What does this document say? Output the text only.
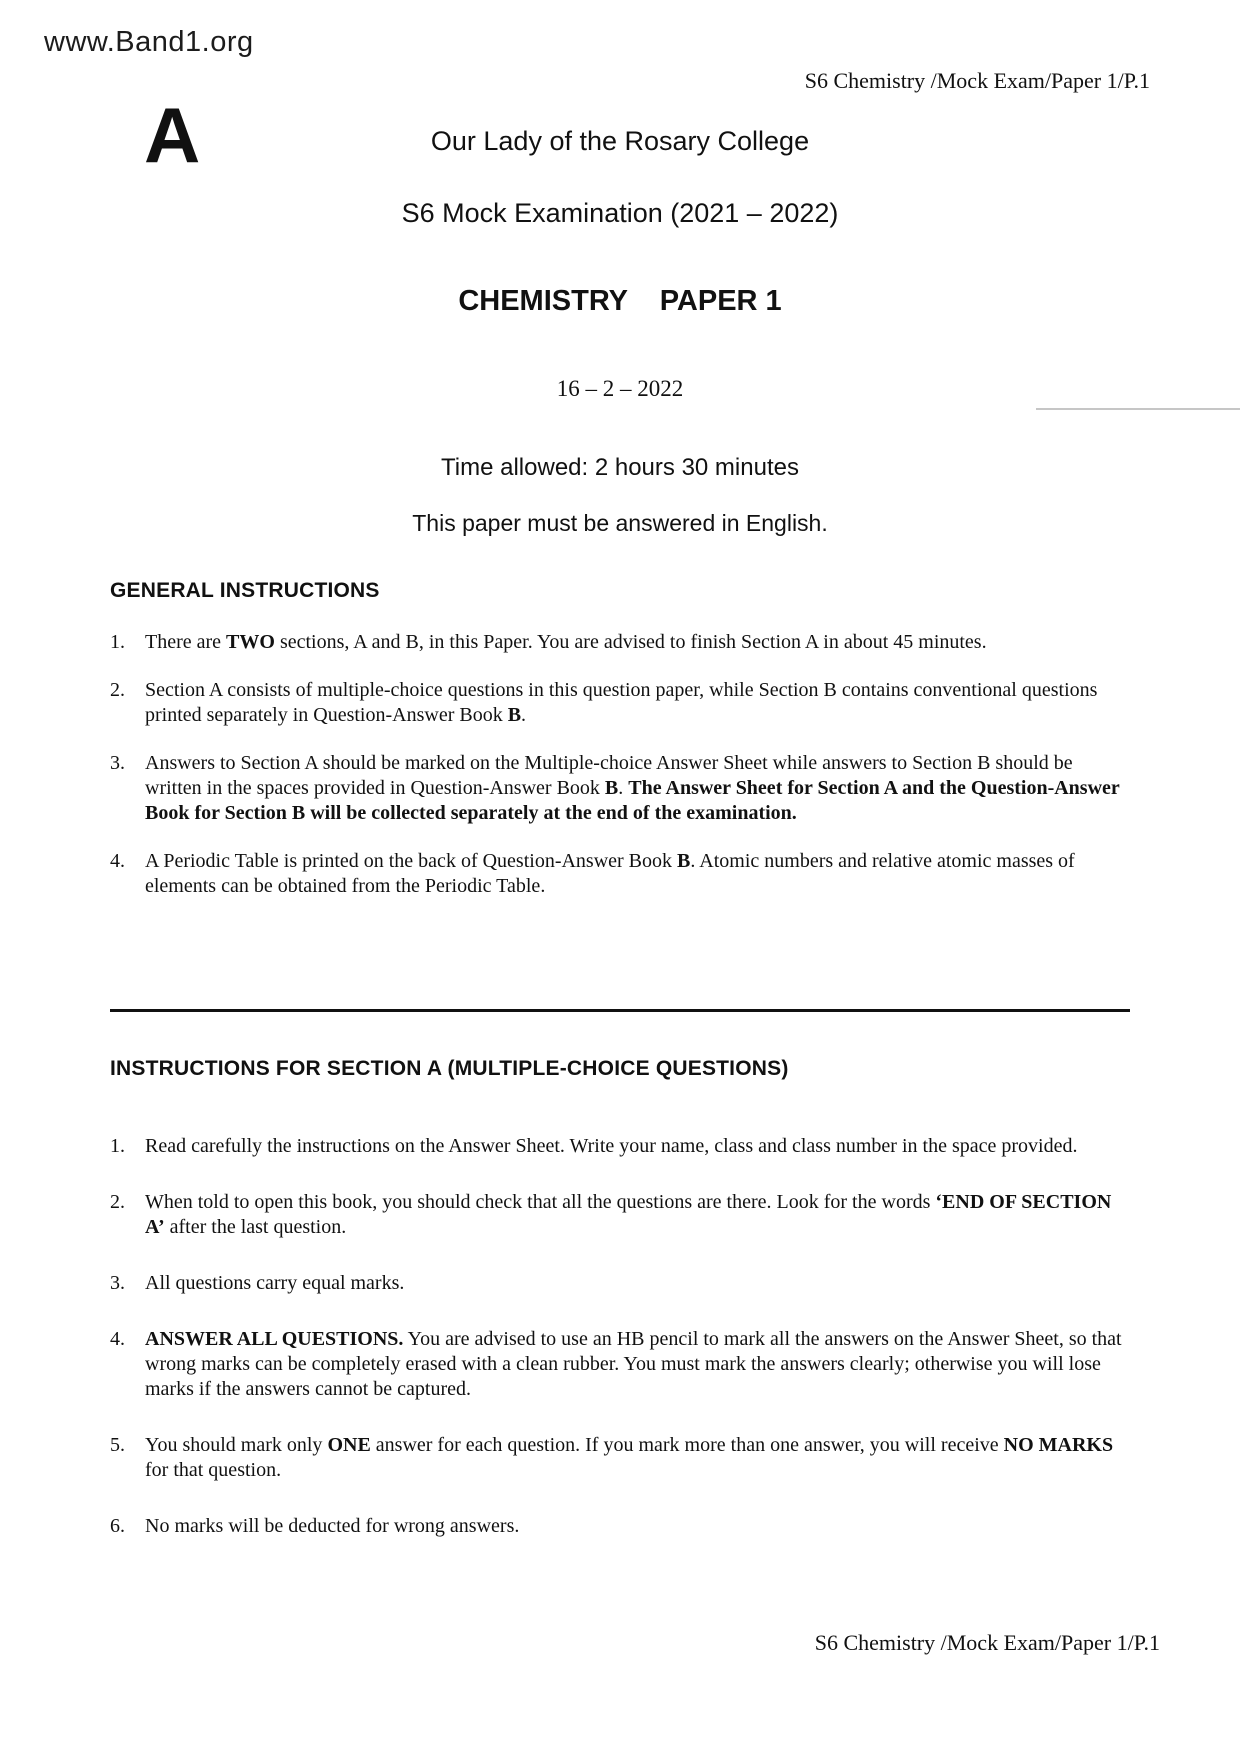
www.Band1.org
S6 Chemistry /Mock Exam/Paper 1/P.1
A	Our Lady of the Rosary College
S6 Mock Examination (2021 – 2022)
CHEMISTRY    PAPER 1
16 – 2 – 2022
Time allowed: 2 hours 30 minutes
This paper must be answered in English.
GENERAL INSTRUCTIONS
1.	There are TWO sections, A and B, in this Paper. You are advised to finish Section A in about 45 minutes.
2.	Section A consists of multiple-choice questions in this question paper, while Section B contains conventional questions printed separately in Question-Answer Book B.
3.	Answers to Section A should be marked on the Multiple-choice Answer Sheet while answers to Section B should be written in the spaces provided in Question-Answer Book B. The Answer Sheet for Section A and the Question-Answer Book for Section B will be collected separately at the end of the examination.
4.	A Periodic Table is printed on the back of Question-Answer Book B. Atomic numbers and relative atomic masses of elements can be obtained from the Periodic Table.
INSTRUCTIONS FOR SECTION A (MULTIPLE-CHOICE QUESTIONS)
1.	Read carefully the instructions on the Answer Sheet. Write your name, class and class number in the space provided.
2.	When told to open this book, you should check that all the questions are there. Look for the words ‘END OF SECTION A’ after the last question.
3.	All questions carry equal marks.
4.	ANSWER ALL QUESTIONS. You are advised to use an HB pencil to mark all the answers on the Answer Sheet, so that wrong marks can be completely erased with a clean rubber. You must mark the answers clearly; otherwise you will lose marks if the answers cannot be captured.
5.	You should mark only ONE answer for each question. If you mark more than one answer, you will receive NO MARKS for that question.
6.	No marks will be deducted for wrong answers.
S6 Chemistry /Mock Exam/Paper 1/P.1
